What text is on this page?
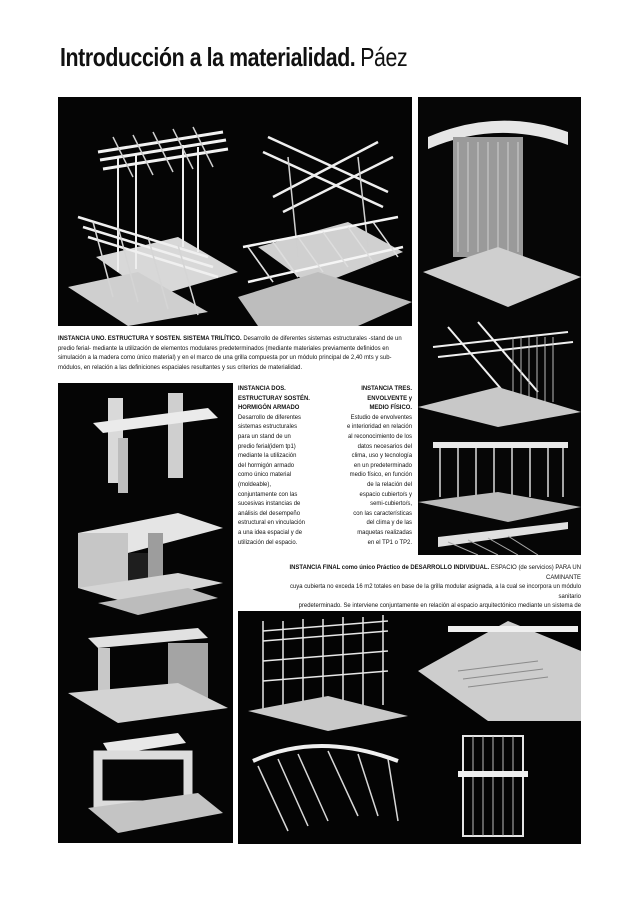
Introducción a la materialidad. Páez
INSTANCIA UNO. ESTRUCTURA Y SOSTEN. SISTEMA TRILÍTICO. Desarrollo de diferentes sistemas estructurales -stand de un predio ferial- mediante la utilización de elementos modulares predeterminados (mediante materiales previamente definidos en simulación a la madera como único material) y en el marco de una grilla compuesta por un módulo principal de 2,40 mts y sub-módulos, en relación a las definiciones espaciales resultantes y sus criterios de materialidad.
INSTANCIA DOS.
ESTRUCTURAY SOSTÉN.
HORMIGÓN ARMADO
Desarrollo de diferentes
sistemas estructurales
para un stand de un
predio ferial(idem tp1)
mediante la utilización
del hormigón armado
como único material
(moldeable),
conjuntamente con las
sucesivas instancias de
análisis del desempeño
estructural en vinculación
a una idea espacial y de
utilización del espacio.
INSTANCIA TRES.
ENVOLVENTE y
MEDIO FÍSICO.
Estudio de envolventes
e interioridad en relación
al reconocimiento de los
datos necesarios del
clima, uso y tecnología
en un predeterminado
medio físico, en función
de la relación del
espacio cubierto/s y
semi-cubierto/s,
con las características
del clima y de las
maquetas realizadas
en el TP1 o TP2.
INSTANCIA FINAL como único Práctico de DESARROLLO INDIVIDUAL. ESPACIO (de servicios) PARA UN CAMINANTE
cuya cubierta no exceda 16 m2 totales en base de la grilla modular asignada, a la cual se incorpora un módulo sanitario
predeterminado. Se interviene conjuntamente en relación al espacio arquitectónico mediante un sistema de
